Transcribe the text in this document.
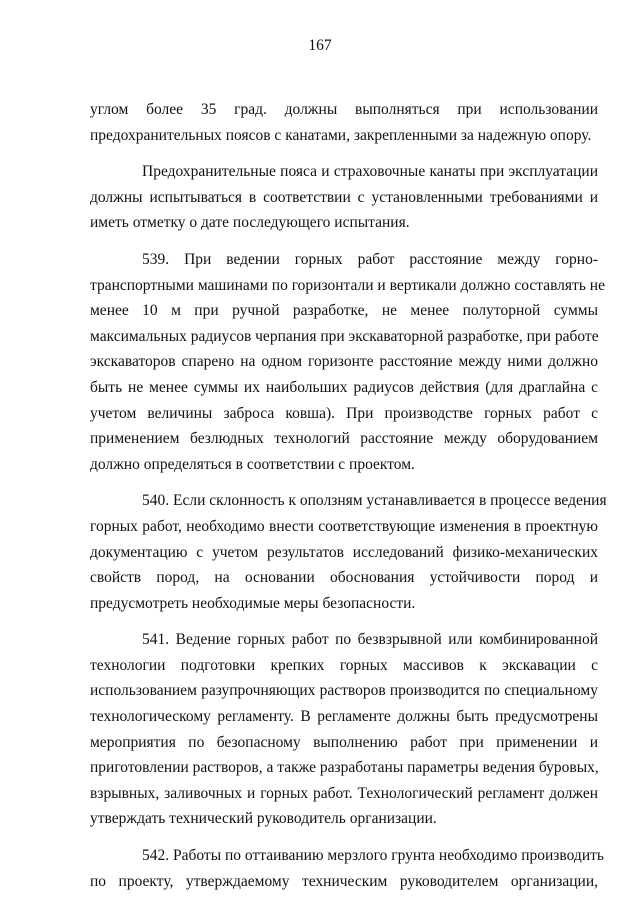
167
углом более 35 град. должны выполняться при использовании
предохранительных поясов с канатами, закрепленными за надежную опору.
Предохранительные пояса и страховочные канаты при эксплуатации
должны испытываться в соответствии с установленными требованиями и
иметь отметку о дате последующего испытания.
539. При ведении горных работ расстояние между горно-
транспортными машинами по горизонтали и вертикали должно составлять не
менее 10 м при ручной разработке, не менее полуторной суммы
максимальных радиусов черпания при экскаваторной разработке, при работе
экскаваторов спарено на одном горизонте расстояние между ними должно
быть не менее суммы их наибольших радиусов действия (для драглайна с
учетом величины заброса ковша). При производстве горных работ с
применением безлюдных технологий расстояние между оборудованием
должно определяться в соответствии с проектом.
540. Если склонность к оползням устанавливается в процессе ведения
горных работ, необходимо внести соответствующие изменения в проектную
документацию с учетом результатов исследований физико-механических
свойств пород, на основании обоснования устойчивости пород и
предусмотреть необходимые меры безопасности.
541. Ведение горных работ по безвзрывной или комбинированной
технологии подготовки крепких горных массивов к экскавации с
использованием разупрочняющих растворов производится по специальному
технологическому регламенту. В регламенте должны быть предусмотрены
мероприятия по безопасному выполнению работ при применении и
приготовлении растворов, а также разработаны параметры ведения буровых,
взрывных, заливочных и горных работ. Технологический регламент должен
утверждать технический руководитель организации.
542. Работы по оттаиванию мерзлого грунта необходимо производить
по проекту, утверждаемому техническим руководителем организации,
